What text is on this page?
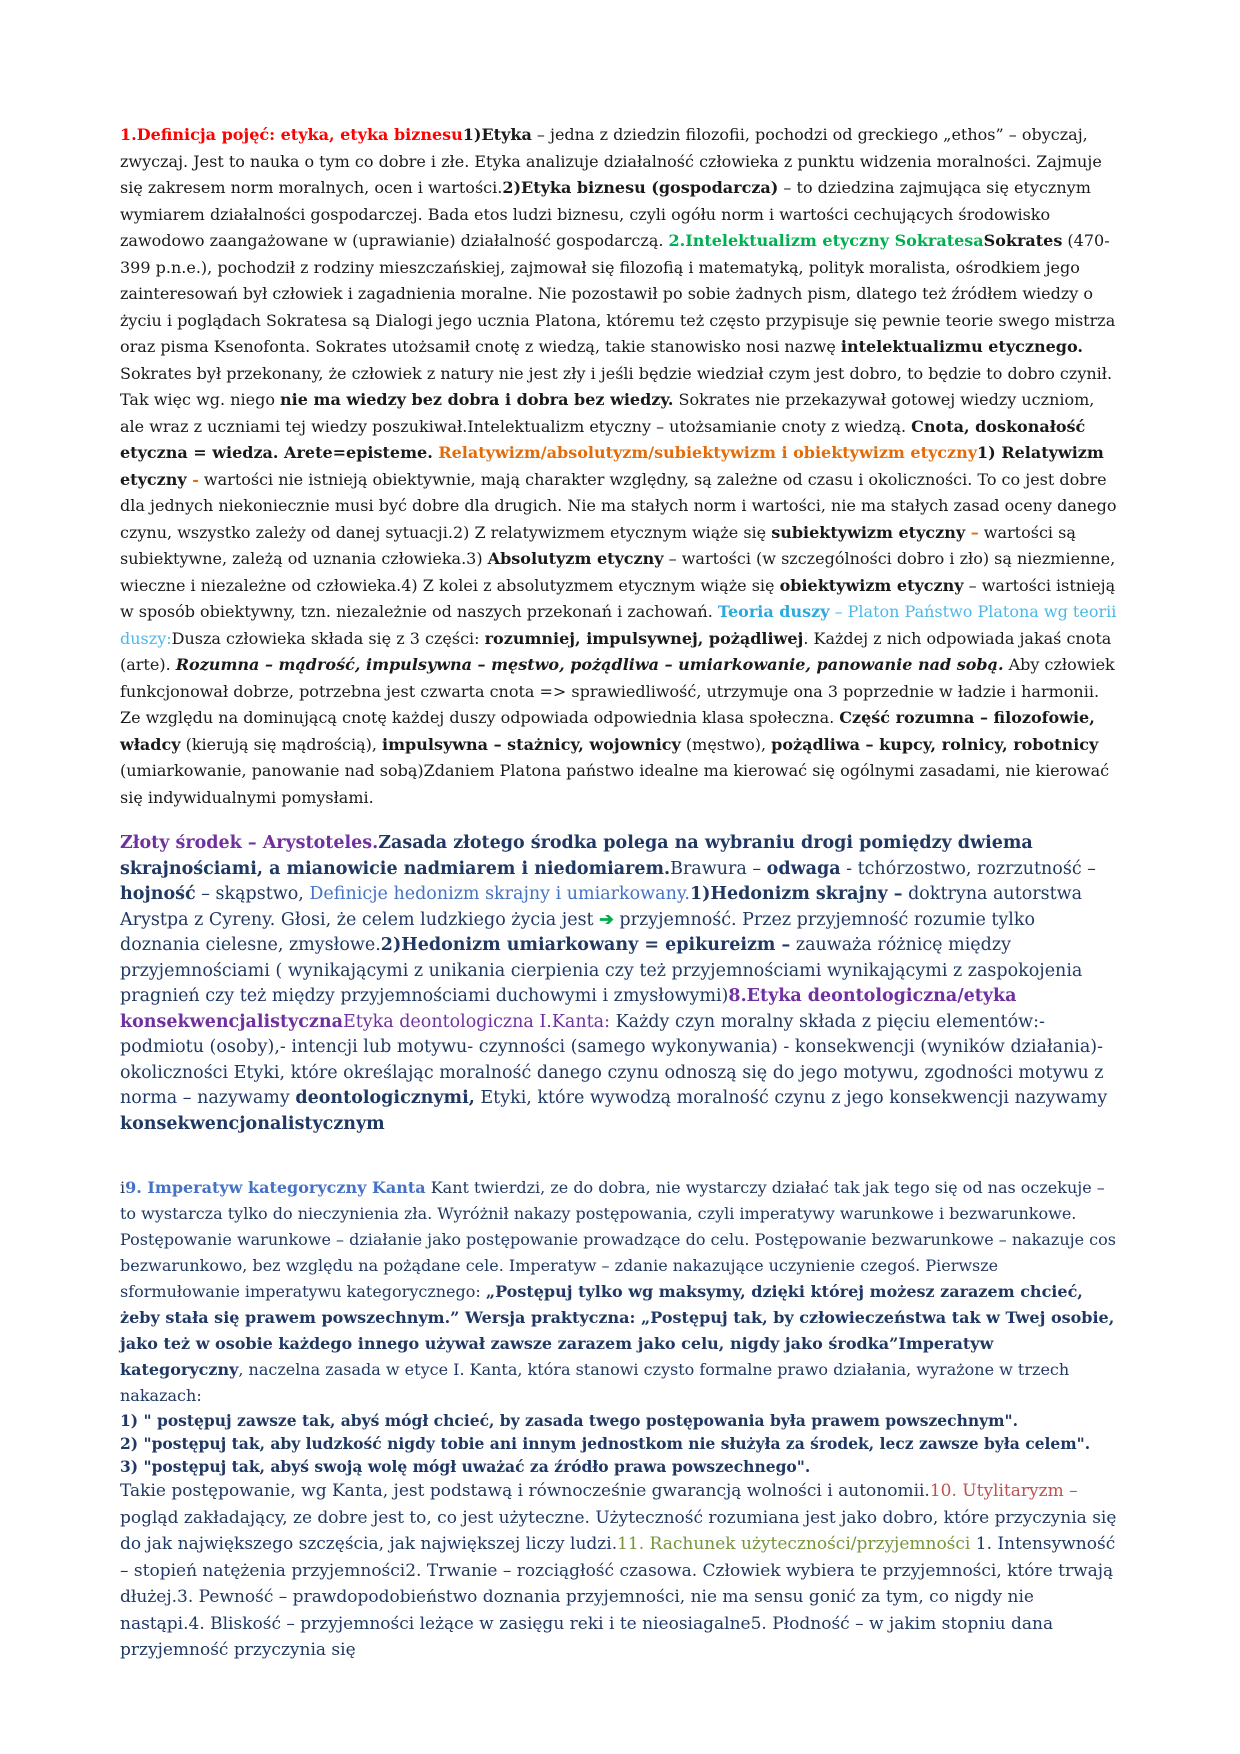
1.Definicja pojęć: etyka, etyka biznesu1)Etyka – jedna z dziedzin filozofii, pochodzi od greckiego „ethos” – obyczaj, zwyczaj. Jest to nauka o tym co dobre i złe. Etyka analizuje działalność człowieka z punktu widzenia moralności. Zajmuje się zakresem norm moralnych, ocen i wartości.2)Etyka biznesu (gospodarcza) – to dziedzina zajmująca się etycznym wymiarem działalności gospodarczej. Bada etos ludzi biznesu, czyli ogółu norm i wartości cechujących środowisko zawodowo zaangażowane w (uprawianie) działalność gospodarczą. 2.Intelektualizm etyczny SokratesaSokrates (470-399 p.n.e.), pochodził z rodziny mieszczańskiej, zajmował się filozofią i matematyką, polityk moralista, ośrodkiem jego zainteresowań był człowiek i zagadnienia moralne. Nie pozostawił po sobie żadnych pism, dlatego też źródłem wiedzy o życiu i poglądach Sokratesa są Dialogi jego ucznia Platona, któremu też często przypisuje się pewnie teorie swego mistrza oraz pisma Ksenofonta. Sokrates utożsamił cnotę z wiedzą, takie stanowisko nosi nazwę intelektualizmu etycznego. Sokrates był przekonany, że człowiek z natury nie jest zły i jeśli będzie wiedział czym jest dobro, to będzie to dobro czynił. Tak więc wg. niego nie ma wiedzy bez dobra i dobra bez wiedzy. Sokrates nie przekazywał gotowej wiedzy uczniom, ale wraz z uczniami tej wiedzy poszukiwał.Intelektualizm etyczny – utożsamianie cnoty z wiedzą. Cnota, doskonałość etyczna = wiedza. Arete=episteme. Relatywizm/absolutyzm/subiektywizm i obiektywizm etyczny1) Relatywizm etyczny - wartości nie istnieją obiektywnie, mają charakter względny, są zależne od czasu i okoliczności. To co jest dobre dla jednych niekoniecznie musi być dobre dla drugich. Nie ma stałych norm i wartości, nie ma stałych zasad oceny danego czynu, wszystko zależy od danej sytuacji.2) Z relatywizmem etycznym wiąże się subiektywizm etyczny – wartości są subiektywne, zależą od uznania człowieka.3) Absolutyzm etyczny – wartości (w szczególności dobro i zło) są niezmienne, wieczne i niezależne od człowieka.4) Z kolei z absolutyzmem etycznym wiąże się obiektywizm etyczny – wartości istnieją w sposób obiektywny, tzn. niezależnie od naszych przekonań i zachowań. Teoria duszy – Platon Państwo Platona wg teorii duszy:Dusza człowieka składa się z 3 części: rozumniej, impulsywnej, pożądliwej. Każdej z nich odpowiada jakaś cnota (arte). Rozumna – mądrość, impulsywna – męstwo, pożądliwa – umiarkowanie, panowanie nad sobą. Aby człowiek funkcjonował dobrze, potrzebna jest czwarta cnota => sprawiedliwość, utrzymuje ona 3 poprzednie w ładzie i harmonii. Ze względu na dominującą cnotę każdej duszy odpowiada odpowiednia klasa społeczna. Część rozumna – filozofowie, władcy (kierują się mądrością), impulsywna – stażnicy, wojownicy (męstwo), pożądliwa – kupcy, rolnicy, robotnicy (umiarkowanie, panowanie nad sobą)Zdaniem Platona państwo idealne ma kierować się ogólnymi zasadami, nie kierować się indywidualnymi pomysłami.

Złoty środek – Arystoteles.Zasada złotego środka polega na wybraniu drogi pomiędzy dwiema skrajnościami, a mianowicie nadmiarem i niedomiarem.Brawura – odwaga - tchórzostwo, rozrzutność – hojność – skąpstwo, Definicje hedonizm skrajny i umiarkowany.1)Hedonizm skrajny – doktryna autorstwa Arystpa z Cyreny. Głosi, że celem ludzkiego życia jest ➔ przyjemność. Przez przyjemność rozumie tylko doznania cielesne, zmysłowe.2)Hedonizm umiarkowany = epikureizm – zauważa różnicę między przyjemnościami ( wynikającymi z unikania cierpienia czy też przyjemnościami wynikającymi z zaspokojenia pragnień czy też między przyjemnościami duchowymi i zmysłowymi)8.Etyka deontologiczna/etyka konsekwencjalistycznaEtyka deontologiczna I.Kanta: Każdy czyn moralny składa z pięciu elementów:- podmiotu (osoby),- intencji lub motywu- czynności (samego wykonywania) - konsekwencji (wyników działania)- okoliczności Etyki, które określając moralność danego czynu odnoszą się do jego motywu, zgodności motywu z norma – nazywamy deontologicznymi, Etyki, które wywodzą moralność czynu z jego konsekwencji nazywamy konsekwencjonalistycznym

i9. Imperatyw kategoryczny Kanta Kant twierdzi, ze do dobra, nie wystarczy działać tak jak tego się od nas oczekuje – to wystarcza tylko do nieczynienia zła. Wyróżnił nakazy postępowania, czyli imperatywy warunkowe i bezwarunkowe. Postępowanie warunkowe – działanie jako postępowanie prowadzące do celu. Postępowanie bezwarunkowe – nakazuje cos bezwarunkowo, bez względu na pożądane cele. Imperatyw – zdanie nakazujące uczynienie czegoś. Pierwsze sformułowanie imperatywu kategorycznego: „Postępuj tylko wg maksymy, dzięki której możesz zarazem chcieć, żeby stała się prawem powszechnym.” Wersja praktyczna: „Postępuj tak, by człowieczeństwa tak w Twej osobie, jako też w osobie każdego innego używał zawsze zarazem jako celu, nigdy jako środka”Imperatyw kategoryczny, naczelna zasada w etyce I. Kanta, która stanowi czysto formalne prawo działania, wyrażone w trzech nakazach:

1) " postępuj zawsze tak, abyś mógł chcieć, by zasada twego postępowania była prawem powszechnym".
2) "postępuj tak, aby ludzkość nigdy tobie ani innym jednostkom nie służyła za środek, lecz zawsze była celem".
3) "postępuj tak, abyś swoją wolę mógł uważać za źródło prawa powszechnego".

Takie postępowanie, wg Kanta, jest podstawą i równocześnie gwarancją wolności i autonomii.10. Utylitaryzm – pogląd zakładający, ze dobre jest to, co jest użyteczne. Użyteczność rozumiana jest jako dobro, które przyczynia się do jak największego szczęścia, jak największej liczy ludzi.11. Rachunek użyteczności/przyjemności 1. Intensywność – stopień natężenia przyjemności2. Trwanie – rozciągłość czasowa. Człowiek wybiera te przyjemności, które trwają dłużej.3. Pewność – prawdopodobieństwo doznania przyjemności, nie ma sensu gonić za tym, co nigdy nie nastąpi.4. Bliskość – przyjemności leżące w zasięgu reki i te nieosiagalne5. Płodność – w jakim stopniu dana przyjemność przyczynia się
